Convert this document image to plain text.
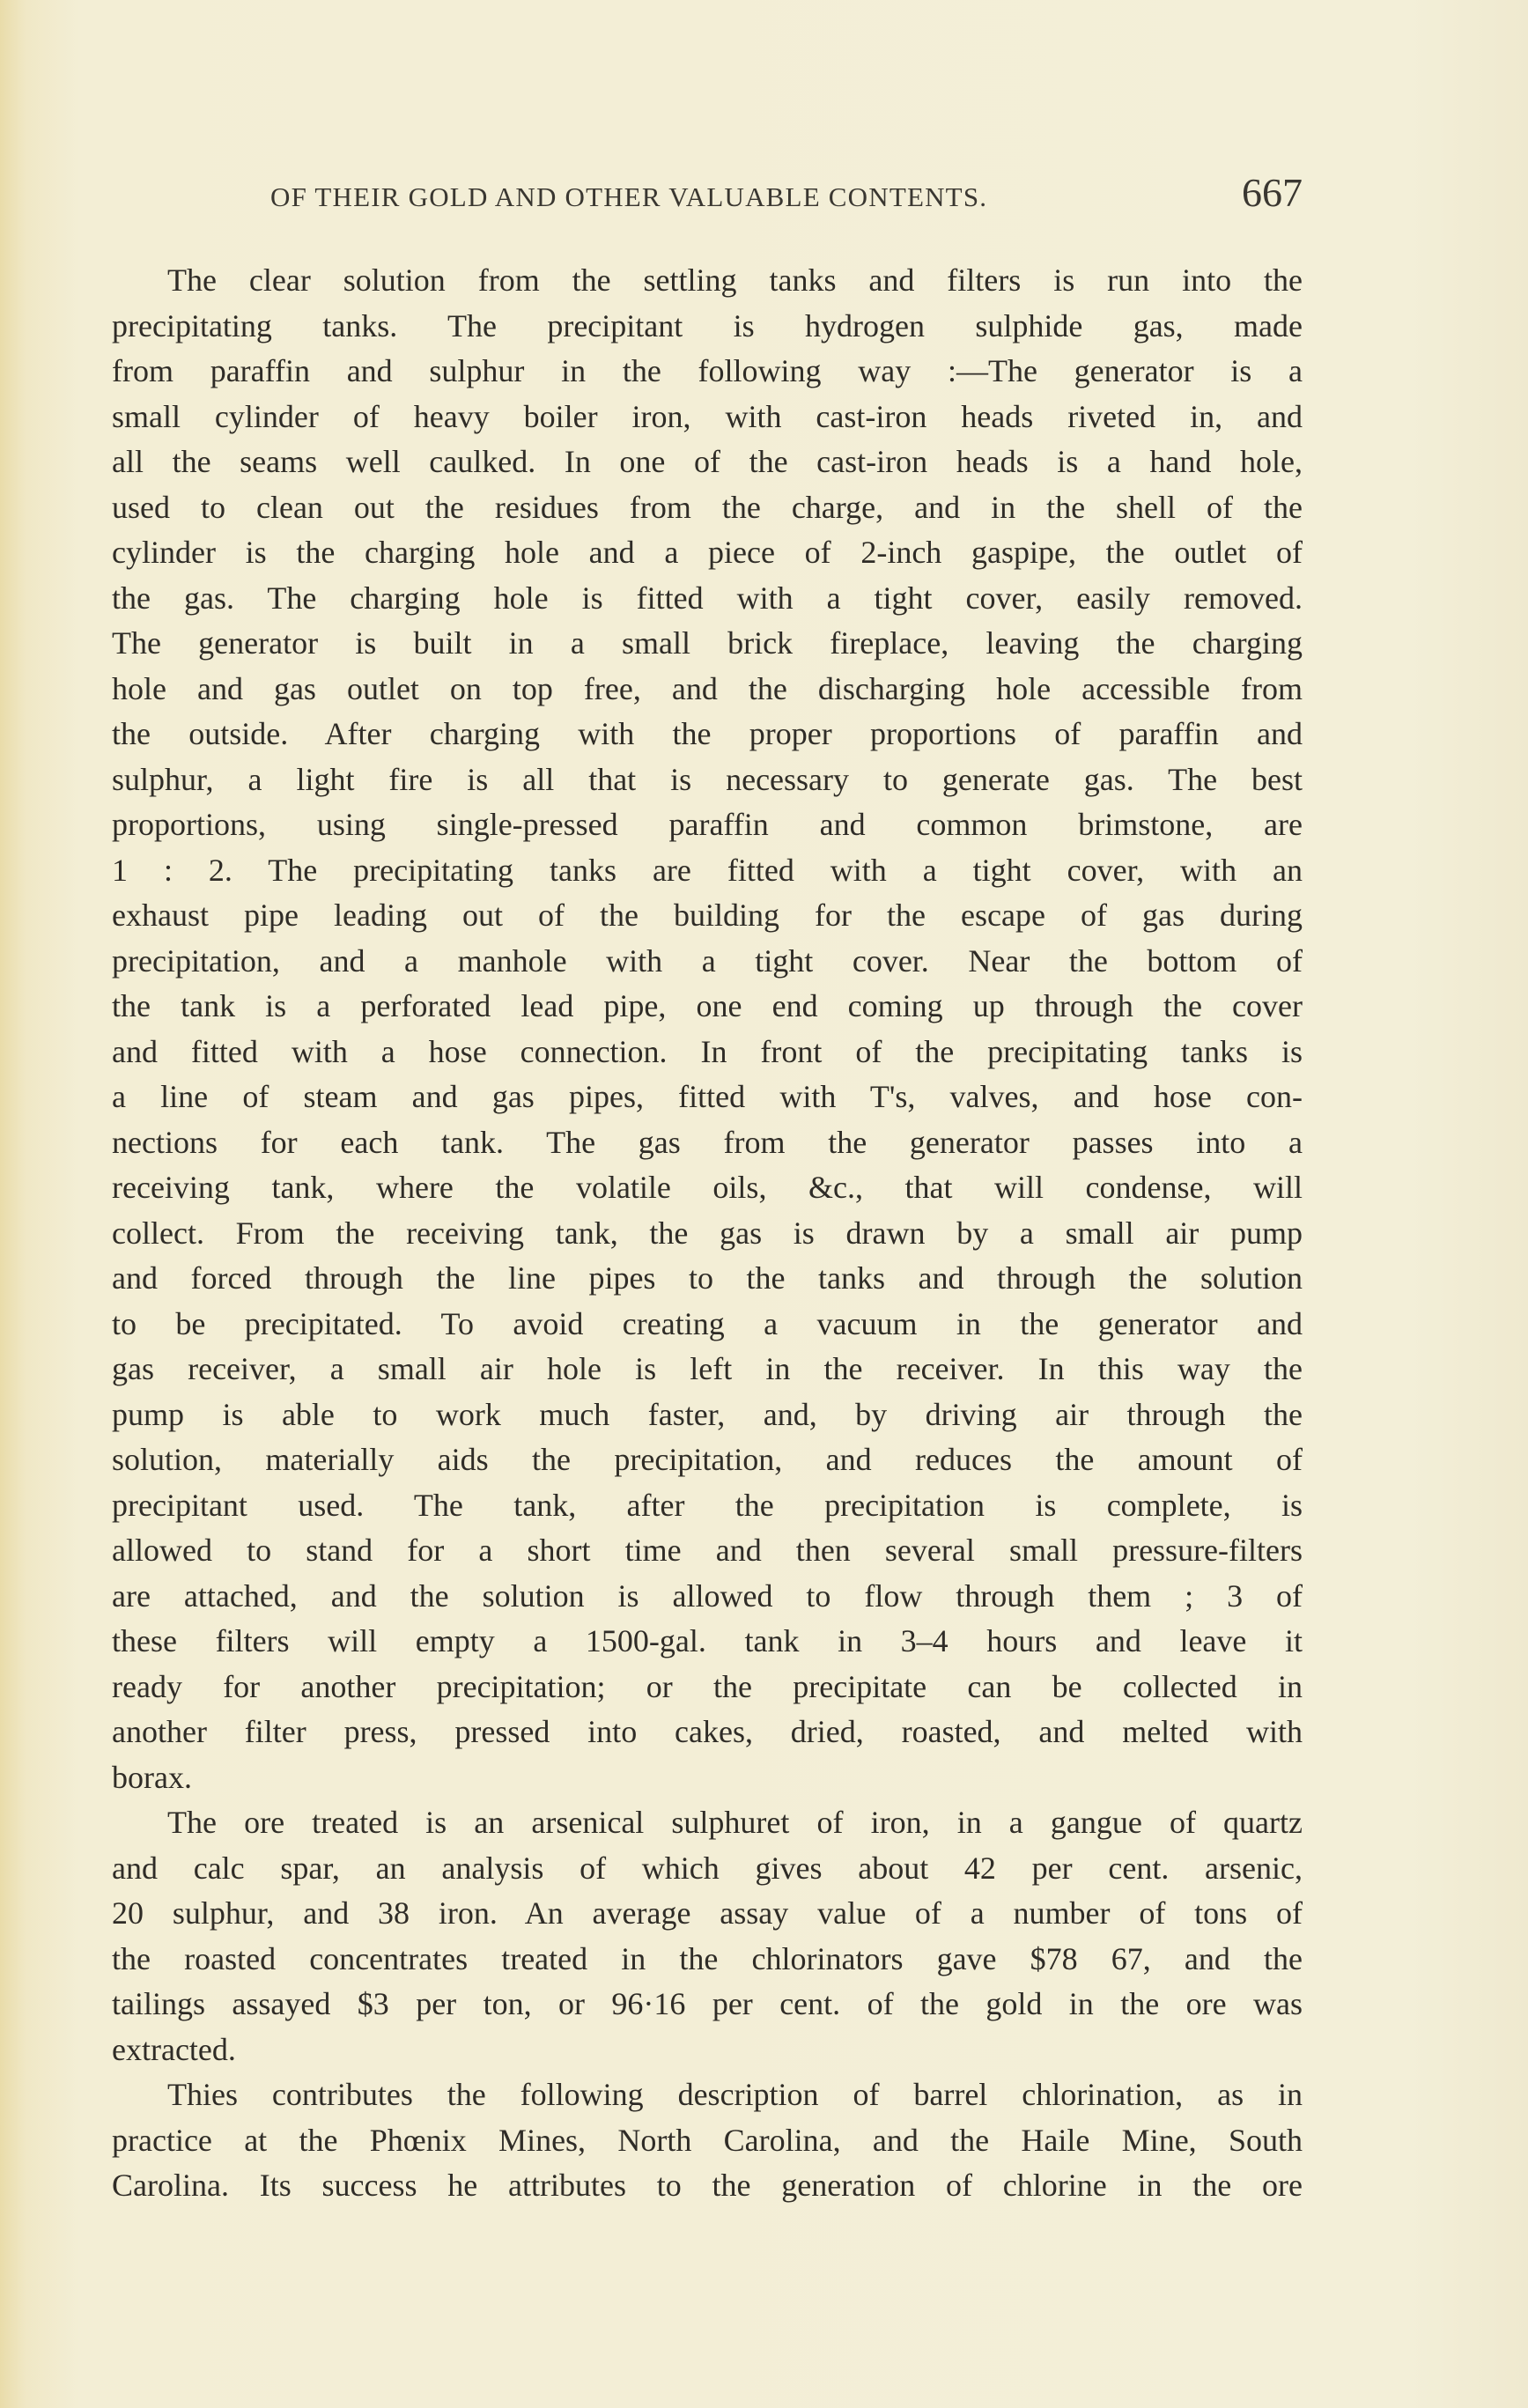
OF THEIR GOLD AND OTHER VALUABLE CONTENTS.	667
The clear solution from the settling tanks and filters is run into the
precipitating tanks. The precipitant is hydrogen sulphide gas, made
from paraffin and sulphur in the following way :—The generator is a
small cylinder of heavy boiler iron, with cast-iron heads riveted in, and
all the seams well caulked. In one of the cast-iron heads is a hand hole,
used to clean out the residues from the charge, and in the shell of the
cylinder is the charging hole and a piece of 2-inch gaspipe, the outlet of
the gas. The charging hole is fitted with a tight cover, easily removed.
The generator is built in a small brick fireplace, leaving the charging
hole and gas outlet on top free, and the discharging hole accessible from
the outside. After charging with the proper proportions of paraffin and
sulphur, a light fire is all that is necessary to generate gas. The best
proportions, using single-pressed paraffin and common brimstone, are
1 : 2. The precipitating tanks are fitted with a tight cover, with an
exhaust pipe leading out of the building for the escape of gas during
precipitation, and a manhole with a tight cover. Near the bottom of
the tank is a perforated lead pipe, one end coming up through the cover
and fitted with a hose connection. In front of the precipitating tanks is
a line of steam and gas pipes, fitted with T's, valves, and hose con-
nections for each tank. The gas from the generator passes into a
receiving tank, where the volatile oils, &c., that will condense, will
collect. From the receiving tank, the gas is drawn by a small air pump
and forced through the line pipes to the tanks and through the solution
to be precipitated. To avoid creating a vacuum in the generator and
gas receiver, a small air hole is left in the receiver. In this way the
pump is able to work much faster, and, by driving air through the
solution, materially aids the precipitation, and reduces the amount of
precipitant used. The tank, after the precipitation is complete, is
allowed to stand for a short time and then several small pressure-filters
are attached, and the solution is allowed to flow through them ; 3 of
these filters will empty a 1500-gal. tank in 3–4 hours and leave it
ready for another precipitation; or the precipitate can be collected in
another filter press, pressed into cakes, dried, roasted, and melted with
borax.
The ore treated is an arsenical sulphuret of iron, in a gangue of quartz
and calc spar, an analysis of which gives about 42 per cent. arsenic,
20 sulphur, and 38 iron. An average assay value of a number of tons of
the roasted concentrates treated in the chlorinators gave $78 67, and the
tailings assayed $3 per ton, or 96·16 per cent. of the gold in the ore was
extracted.
Thies contributes the following description of barrel chlorination, as in
practice at the Phœnix Mines, North Carolina, and the Haile Mine, South
Carolina. Its success he attributes to the generation of chlorine in the ore
